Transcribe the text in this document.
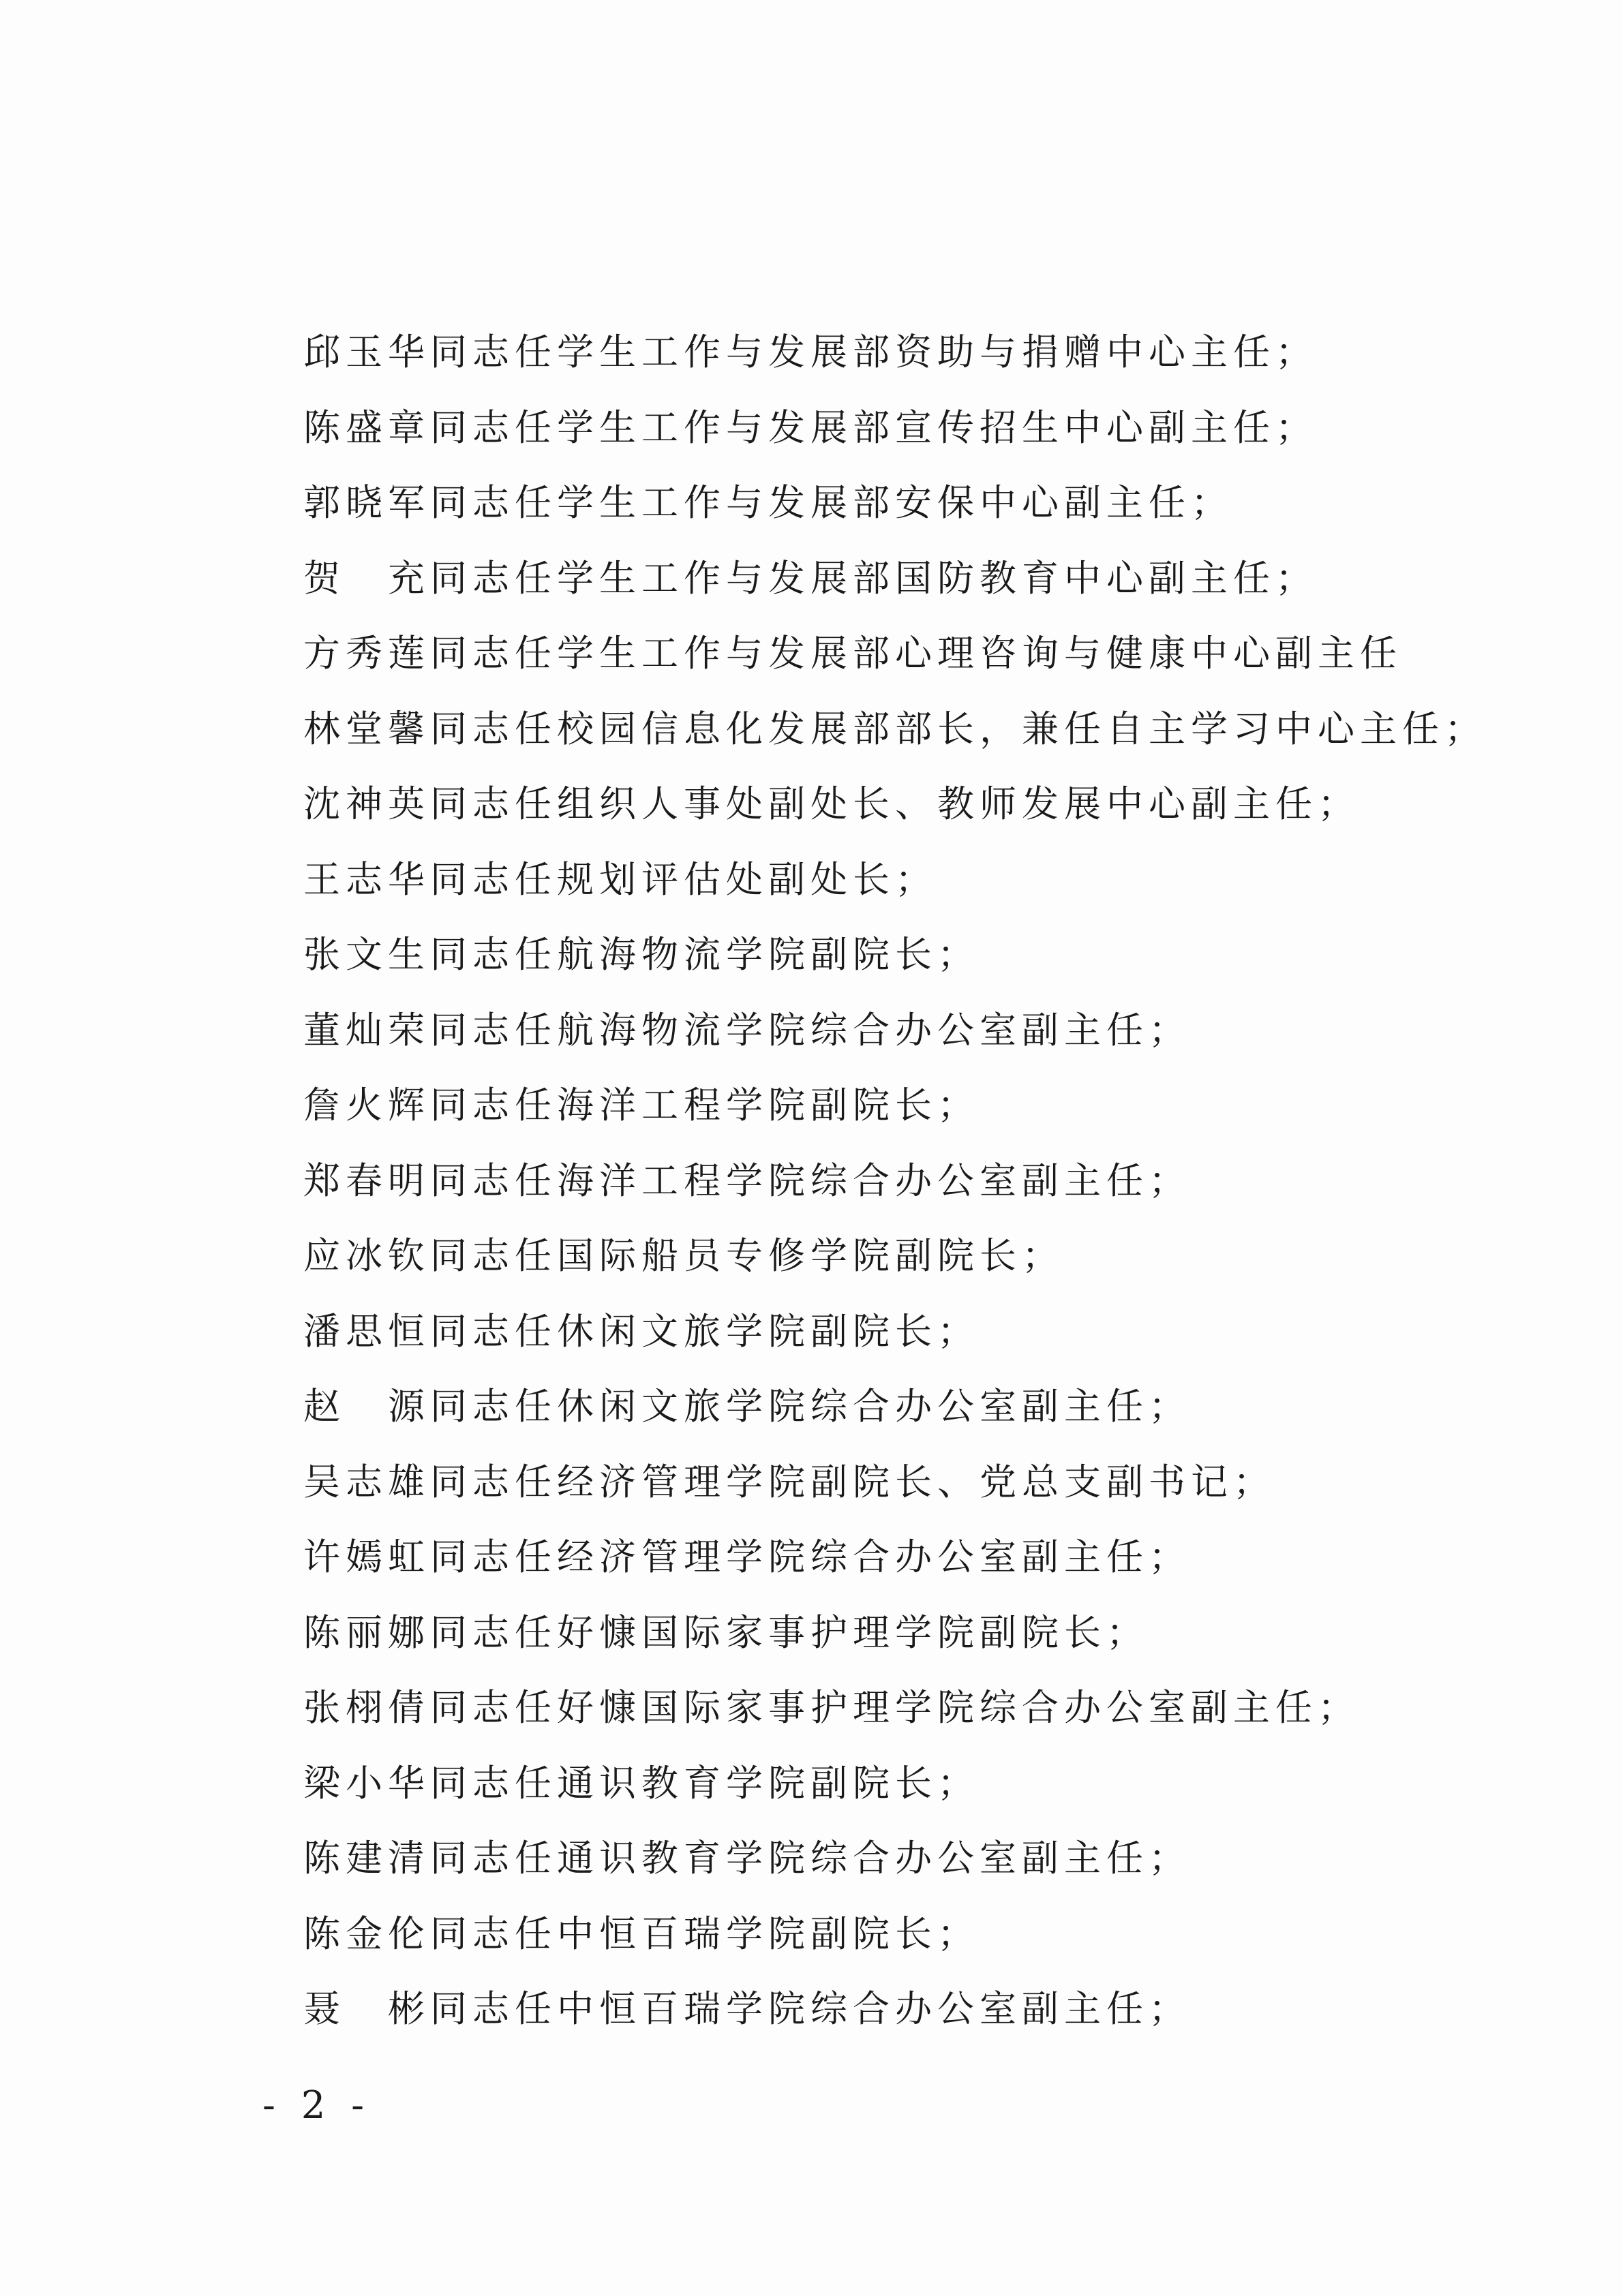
邱玉华同志任学生工作与发展部资助与捐赠中心主任；
陈盛章同志任学生工作与发展部宣传招生中心副主任；
郭晓军同志任学生工作与发展部安保中心副主任；
贺　充同志任学生工作与发展部国防教育中心副主任；
方秀莲同志任学生工作与发展部心理咨询与健康中心副主任
林堂馨同志任校园信息化发展部部长，兼任自主学习中心主任；
沈神英同志任组织人事处副处长、教师发展中心副主任；
王志华同志任规划评估处副处长；
张文生同志任航海物流学院副院长；
董灿荣同志任航海物流学院综合办公室副主任；
詹火辉同志任海洋工程学院副院长；
郑春明同志任海洋工程学院综合办公室副主任；
应冰钦同志任国际船员专修学院副院长；
潘思恒同志任休闲文旅学院副院长；
赵　源同志任休闲文旅学院综合办公室副主任；
吴志雄同志任经济管理学院副院长、党总支副书记；
许嫣虹同志任经济管理学院综合办公室副主任；
陈丽娜同志任好慷国际家事护理学院副院长；
张栩倩同志任好慷国际家事护理学院综合办公室副主任；
梁小华同志任通识教育学院副院长；
陈建清同志任通识教育学院综合办公室副主任；
陈金伦同志任中恒百瑞学院副院长；
聂　彬同志任中恒百瑞学院综合办公室副主任；
- 2 -
